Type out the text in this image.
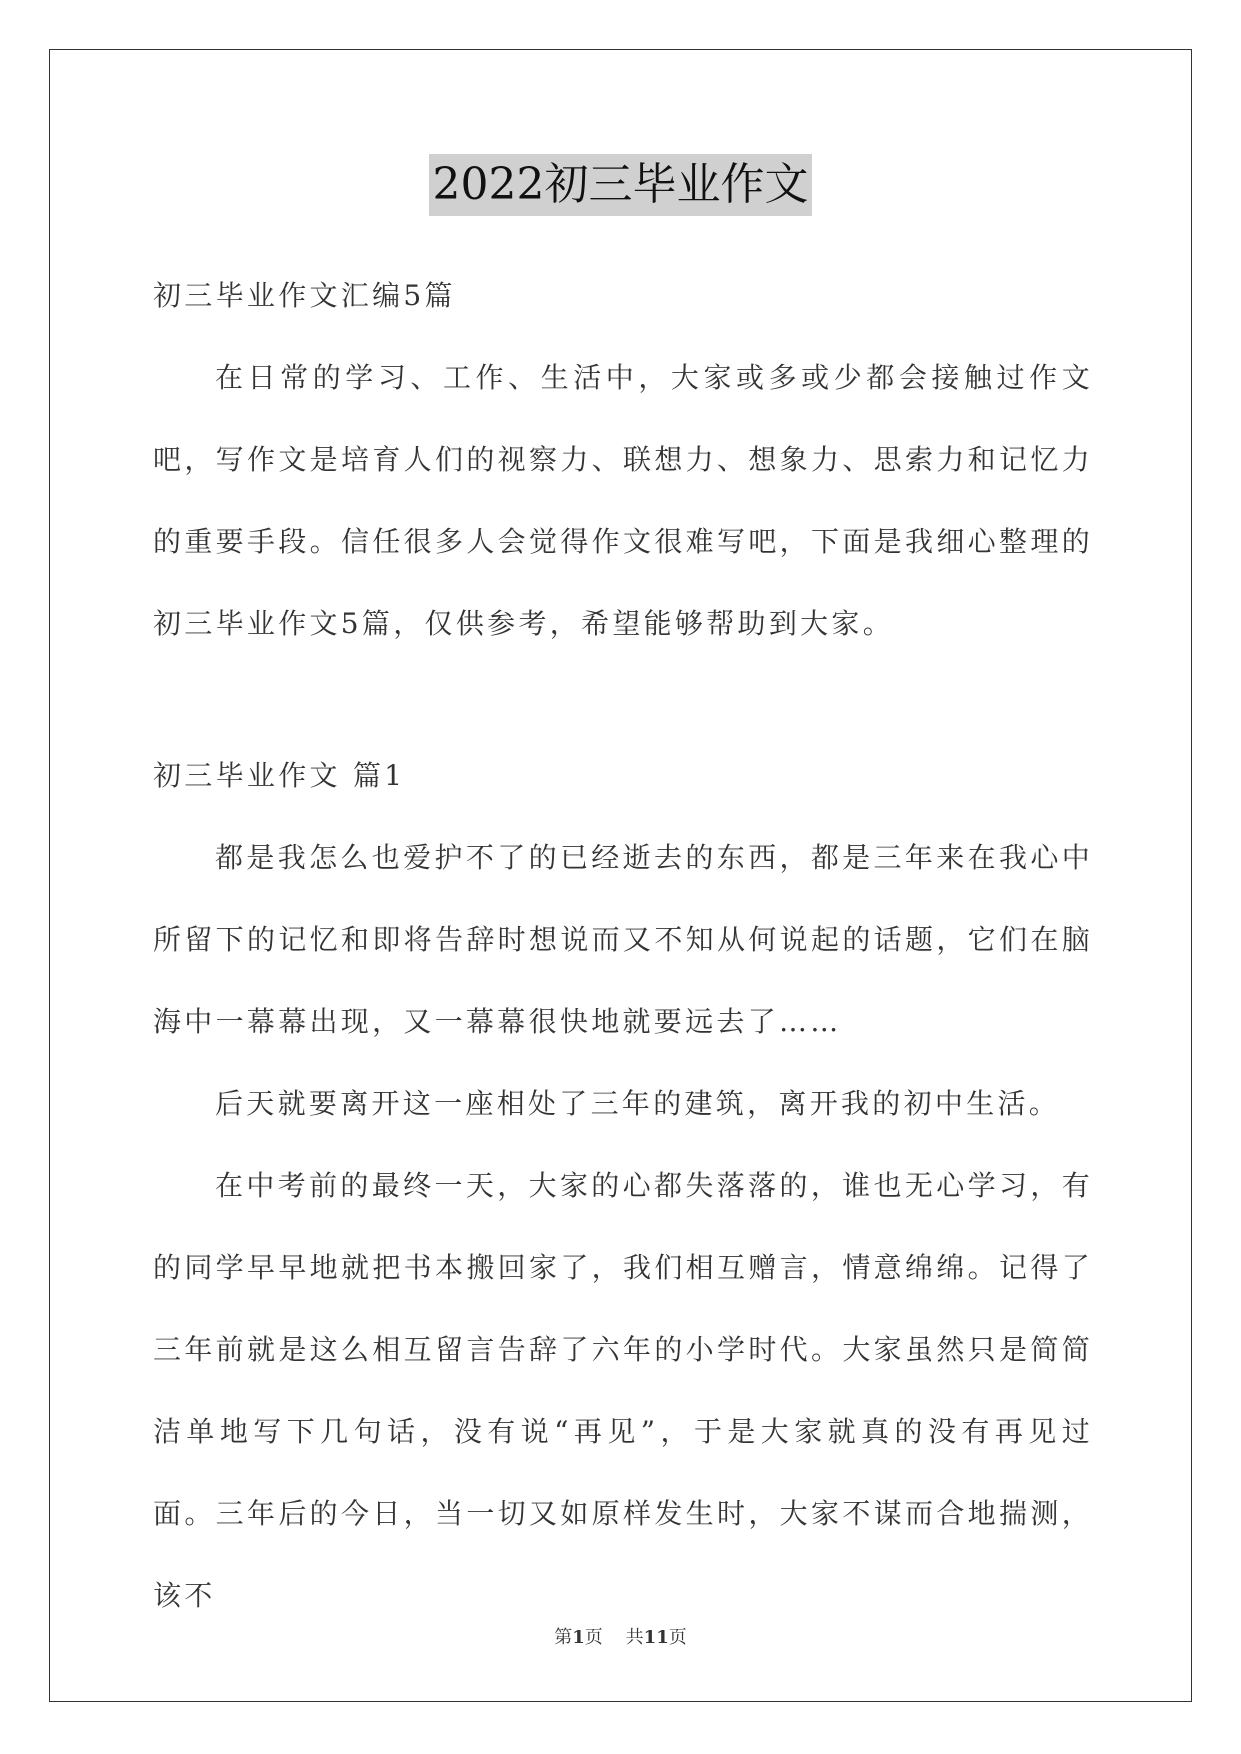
2022初三毕业作文

初三毕业作文汇编5篇

在日常的学习、工作、生活中，大家或多或少都会接触过作文吧，写作文是培育人们的视察力、联想力、想象力、思索力和记忆力的重要手段。信任很多人会觉得作文很难写吧，下面是我细心整理的初三毕业作文5篇，仅供参考，希望能够帮助到大家。

初三毕业作文 篇1

都是我怎么也爱护不了的已经逝去的东西，都是三年来在我心中所留下的记忆和即将告辞时想说而又不知从何说起的话题，它们在脑海中一幕幕出现，又一幕幕很快地就要远去了……

后天就要离开这一座相处了三年的建筑，离开我的初中生活。

在中考前的最终一天，大家的心都失落落的，谁也无心学习，有的同学早早地就把书本搬回家了，我们相互赠言，情意绵绵。记得了三年前就是这么相互留言告辞了六年的小学时代。大家虽然只是简简洁单地写下几句话，没有说“再见”，于是大家就真的没有再见过面。三年后的今日，当一切又如原样发生时，大家不谋而合地揣测，该不

第1页 共11页
